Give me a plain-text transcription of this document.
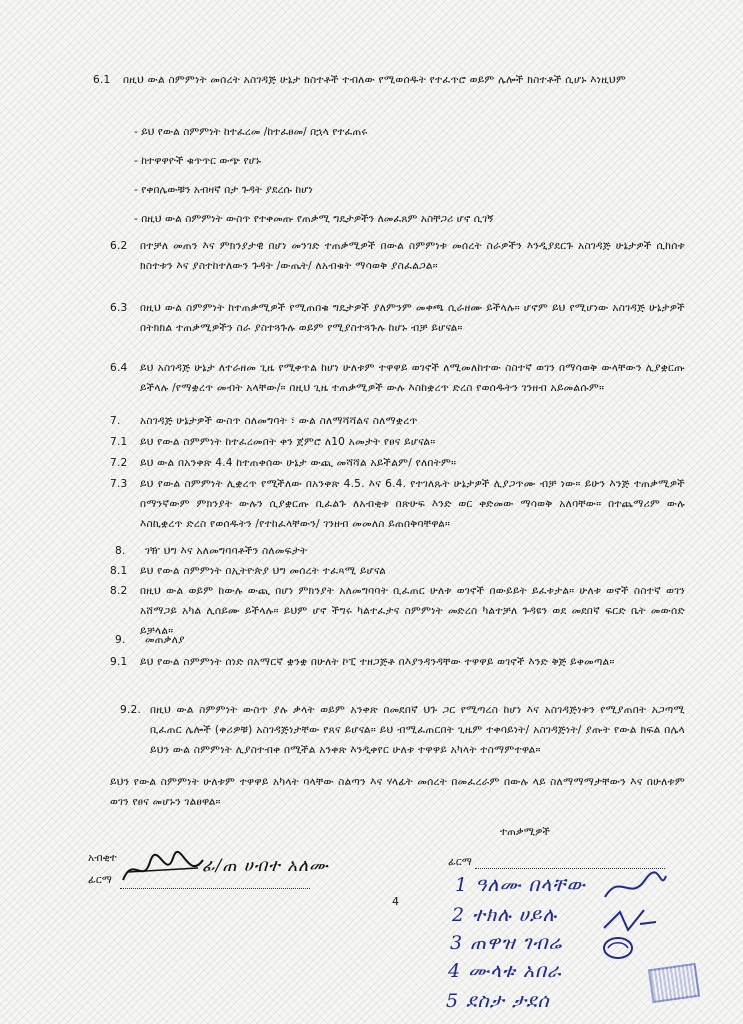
6.1 በዚህ ውል ስምምነት መሰረት አስገዳጅ ሁኔታ ክስተቶች ተብለው የሚወሰዱት የተፈጥሮ ወይም ሌሎች ክስተቶች ሲሆኑ እነዚህም
- ይህ የውል ስምምነት ከተፈረመ /ከተፈፀመ/ በኋላ የተፈጠሩ
- ከተዋዋዮች ቁጥጥር ውጭ የሆኑ
- የቀበሌውቹን አብዛኛ በታ ጉዳት ያደረሱ ከሆነ
- በዚህ ውል ስምምነት ውስጥ የተቀመጡ የጠቃሚ ግዴታዎችን ለመፈጸም አስቸጋሪ ሆኖ ሲገኝ
6.2 በተቻለ መጠን እና ምክንያታዊ በሆነ መንገድ ተጠቃሚዎች በውል ስምምነቱ መሰረት ስራዎችን እንዲያደርጉ አስገዳጅ ሁኔታዎች ሲከሰቱ ክስተቱን እና ያስተከተለውን ጉዳት /ውጤት/ ለአብቁት ማሳወቅ ያስፈልጋል።
6.3 በዚህ ውል ስምምነት ከተጠቃሚዎች የሚጠበቁ ግዴታዎች ያለምንም መቀጫ ሲራዘሙ ይችላሉ። ሆኖም ይህ የሚሆነው አስገዳጅ ሁኔታዎች በትክክል ተጠቃሚዎችን ስራ ያስተጓጉሉ ወይም የሚያስተጓጉሉ ከሆኑ ብቻ ይሆናል።
6.4 ይህ አስገዳጅ ሁኔታ ለተራዘመ ጊዜ የሚቀጥል ከሆነ ሁለቱም ተዋዋይ ወገኖች ለሚመለከተው ስስተኛ ወገን በማሳወቅ ውላቸውን ሊያቋርጡ ይችላሉ /የማቋረጥ መብት አላቸው/። በዚህ ጊዜ ተጠቃሚዎች ውሉ እስከቋረጥ ድረስ የወሰዱትን ገንዘብ አይመልሱም።
7. አስገዳጅ ሁኔታዎች ውስጥ ስለመግባት ፣ ውል ስለማሻሻልና ስለማቋረጥ
7.1 ይህ የውል ስምምነት ከተፈረመበት ቀን ጀምሮ ለ10 አመታት የፀና ይሆናል።
7.2 ይህ ውል በአንቀጽ 4.4 ከተጠቀሰው ሁኔታ ውጪ መሻሻል አይችልም/ የለበትም።
7.3 ይህ የውል ስምምነት ሊቋረጥ የሚችለው በአንቀጽ 4.5. እና 6.4. የተገለጹት ሁኔታዎች ሊያጋጥሙ ብቻ ነው። ይሁን እንጅ ተጠቃሚዎች በማንኛውም ምክንያት ውሉን ሲያቋርጡ ቢፈልጉ ለአብቂቱ በጽሁፍ እንድ ወር ቀድመው ማሳወቅ አለባቸው። በተጨማሪም ውሉ እስኪቋረጥ ድረስ የወሰዱትን /የተከፈላቸውን/ ገንዘብ መመለስ ይጠበቅባቸዋል።
8. ገዥ ህግ እና አለመግባባቶችን ስለመፍታት
8.1 ይህ የውል ስምምነት በኢትዮጵያ ህግ መሰረት ተፈጻሚ ይሆናል
8.2 በዚህ ውል ወይም ከውሉ ውጪ በሆነ ምክንያት አለመግባባት ቢፈጠር ሁለቱ ወገኖች በውይይት ይፈቱታል። ሁለቱ ወኖች ስስተኛ ወገን አሸማጋይ አካል ሊሰይሙ ይችላሉ። ይህም ሆኖ ችግሩ ካልተፈታና ስምምነት መድረስ ካልተቻለ ጉዳዩን ወደ መደበኛ ፍርድ ቤት መውሰድ ይቻላል።
9. መጠቃለያ
9.1 ይህ የውል ስምምነት ሰነድ በአማርኛ ቋንቋ በሁለት ኮፒ ተዘጋጅቶ በእያንዳንዳቸው ተዋዋይ ወገኖች እንድ ቅጅ ይቀመጣል።
9.2. በዚህ ውል ስምምነት ውስጥ ያሉ ቃላት ወይም አንቀጽ በመደበኛ ህጉ ጋር የሚጣረስ ከሆነ እና አስገዳጅነቱን የሚያጠበት አጋጣሚ ቢፈጠር ሌሎች (ቀሪዎቹ) አስገዳጅነታቸው የጸና ይሆናል። ይህ ብሚፈጠርበት ጊዜም ተቀባይነት/ አስገዳጅነት/ ያጡት የውል ክፍል በሌላ ይህን ውል ስምምነት ሊያስተብቀ በሚችል አንቀጽ እንዲቀየር ሁለቱ ተዋዋይ አካላት ተስማምተዋል።
ይህን የውል ስምምነት ሁለቱም ተዋዋይ አካላት ባላቸው ስልጣን እና ሃላፊት መሰረት በመፈረራም በውሉ ላይ ስለማማማታቸውን እና በሁለቱም ወገን የፀና መሆኑን ገልፀዋል።
ተጠቃሚዎች
አብቂተ
ፊርማ
ፊ/ጠ ሀብተ አለሙ
4
ፊርማ
1 ዓለሙ በላቸው
2 ተክሉ ሀይሉ
3 ጠዋዝ ገብሬ
4 ሙላቱ አበራ
5 ደስታ ታደሰ
